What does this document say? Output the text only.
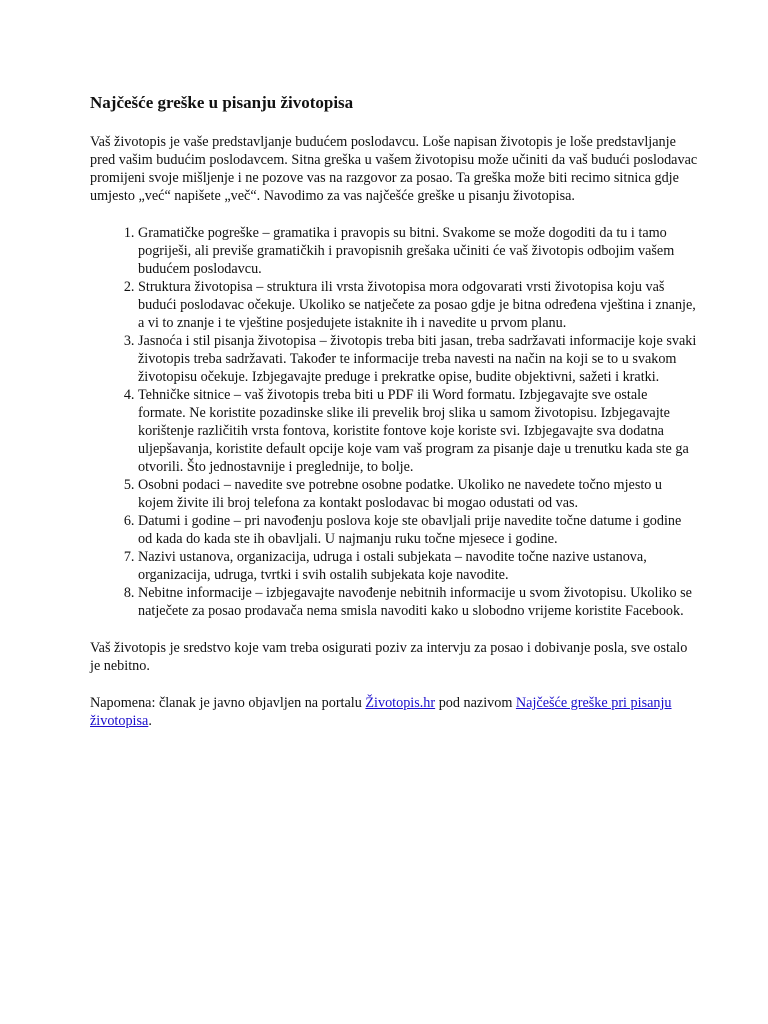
Najčešće greške u pisanju životopisa

Vaš životopis je vaše predstavljanje budućem poslodavcu. Loše napisan životopis je loše predstavljanje pred vašim budućim poslodavcem. Sitna greška u vašem životopisu može učiniti da vaš budući poslodavac promijeni svoje mišljenje i ne pozove vas na razgovor za posao. Ta greška može biti recimo sitnica gdje umjesto „već“ napišete „več“. Navodimo za vas najčešće greške u pisanju životopisa.

1. Gramatičke pogreške – gramatika i pravopis su bitni. Svakome se može dogoditi da tu i tamo pogriješi, ali previše gramatičkih i pravopisnih grešaka učiniti će vaš životopis odbojim vašem budućem poslodavcu.
2. Struktura životopisa – struktura ili vrsta životopisa mora odgovarati vrsti životopisa koju vaš budući poslodavac očekuje. Ukoliko se natječete za posao gdje je bitna određena vještina i znanje, a vi to znanje i te vještine posjedujete istaknite ih i navedite u prvom planu.
3. Jasnoća i stil pisanja životopisa – životopis treba biti jasan, treba sadržavati informacije koje svaki životopis treba sadržavati. Također te informacije treba navesti na način na koji se to u svakom životopisu očekuje. Izbjegavajte preduge i prekratke opise, budite objektivni, sažeti i kratki.
4. Tehničke sitnice – vaš životopis treba biti u PDF ili Word formatu. Izbjegavajte sve ostale formate. Ne koristite pozadinske slike ili prevelik broj slika u samom životopisu. Izbjegavajte korištenje različitih vrsta fontova, koristite fontove koje koriste svi. Izbjegavajte sva dodatna uljepšavanja, koristite default opcije koje vam vaš program za pisanje daje u trenutku kada ste ga otvorili. Što jednostavnije i preglednije, to bolje.
5. Osobni podaci – navedite sve potrebne osobne podatke. Ukoliko ne navedete točno mjesto u kojem živite ili broj telefona za kontakt poslodavac bi mogao odustati od vas.
6. Datumi i godine – pri navođenju poslova koje ste obavljali prije navedite točne datume i godine od kada do kada ste ih obavljali. U najmanju ruku točne mjesece i godine.
7. Nazivi ustanova, organizacija, udruga i ostali subjekata – navodite točne nazive ustanova, organizacija, udruga, tvrtki i svih ostalih subjekata koje navodite.
8. Nebitne informacije – izbjegavajte navođenje nebitnih informacije u svom životopisu. Ukoliko se natječete za posao prodavača nema smisla navoditi kako u slobodno vrijeme koristite Facebook.

Vaš životopis je sredstvo koje vam treba osigurati poziv za intervju za posao i dobivanje posla, sve ostalo je nebitno.

Napomena: članak je javno objavljen na portalu Životopis.hr pod nazivom Najčešće greške pri pisanju životopisa.
